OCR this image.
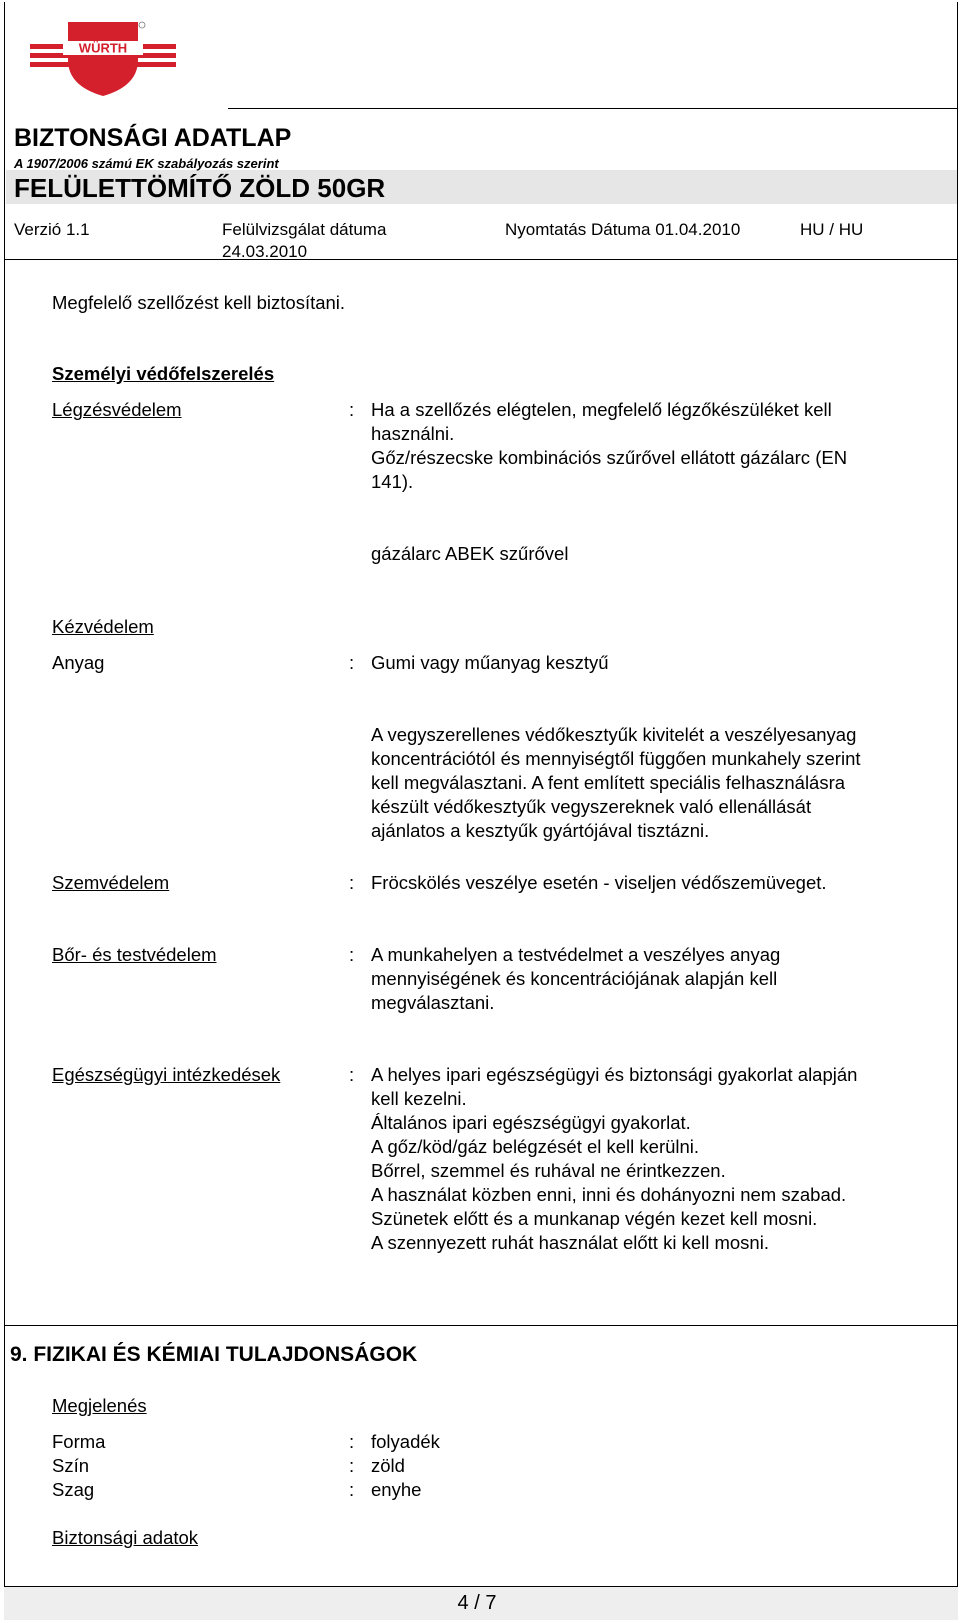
WÜRTH
BIZTONSÁGI ADATLAP
A 1907/2006 számú EK szabályozás szerint
FELÜLETTÖMÍTŐ ZÖLD 50GR
Verzió 1.1	Felülvizsgálat dátuma
24.03.2010
Nyomtatás Dátuma 01.04.2010	HU / HU
Megfelelő szellőzést kell biztosítani.
Személyi védőfelszerelés
Légzésvédelem	: Ha a szellőzés elégtelen, megfelelő légzőkészüléket kell
használni.
Gőz/részecske kombinációs szűrővel ellátott gázálarc (EN
141).
gázálarc ABEK szűrővel
Kézvédelem
Anyag	: Gumi vagy műanyag kesztyű
A vegyszerellenes védőkesztyűk kivitelét a veszélyesanyag
koncentrációtól és mennyiségtől függően munkahely szerint
kell megválasztani. A fent említett speciális felhasználásra
készült védőkesztyűk vegyszereknek való ellenállását
ajánlatos a kesztyűk gyártójával tisztázni.
Szemvédelem	: Fröcskölés veszélye esetén - viseljen védőszemüveget.
Bőr- és testvédelem	: A munkahelyen a testvédelmet a veszélyes anyag
mennyiségének és koncentrációjának alapján kell
megválasztani.
Egészségügyi intézkedések	: A helyes ipari egészségügyi és biztonsági gyakorlat alapján
kell kezelni.
Általános ipari egészségügyi gyakorlat.
A gőz/köd/gáz belégzését el kell kerülni.
Bőrrel, szemmel és ruhával ne érintkezzen.
A használat közben enni, inni és dohányozni nem szabad.
Szünetek előtt és a munkanap végén kezet kell mosni.
A szennyezett ruhát használat előtt ki kell mosni.
9. FIZIKAI ÉS KÉMIAI TULAJDONSÁGOK
Megjelenés
Forma	: folyadék
Szín	: zöld
Szag	: enyhe
Biztonsági adatok
4 / 7
